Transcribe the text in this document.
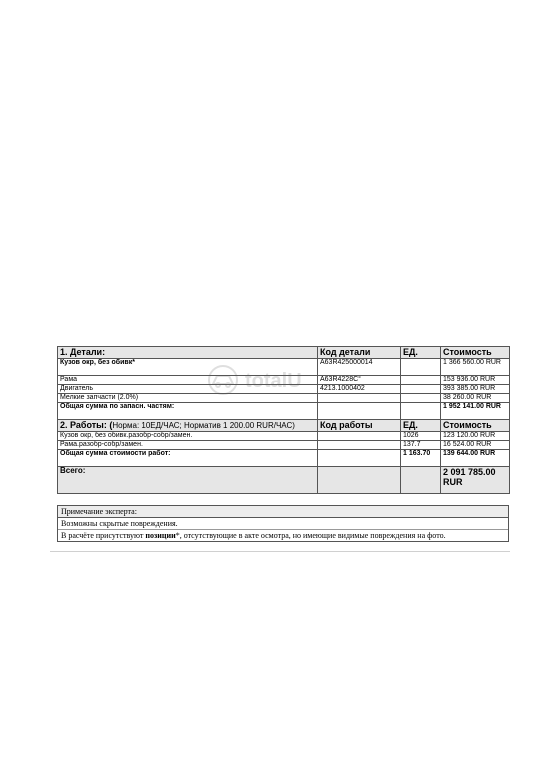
totalU
1. Детали:	Код детали	ЕД.	Стоимость
Кузов окр, без обивк*	A63R425000014		1 366 560.00 RUR
Рама	A63R4228С°		153 936.00 RUR
Двигатель	4213.1000402		393 385.00 RUR
Мелкие запчасти (2.0%)			38 260.00 RUR
Общая сумма по запасн. частям:			1 952 141.00 RUR
2. Работы: (Норма: 10ЕД/ЧАС; Норматив 1 200.00 RUR/ЧАС)	Код работы	ЕД.	Стоимость
Кузов окр, без обивк.разобр-собр/замен.		1026	123 120.00 RUR
Рама.разобр-собр/замен.		137.7	16 524.00 RUR
Общая сумма стоимости работ:		1 163.70	139 644.00 RUR
Всего:			2 091 785.00 RUR
Примечание эксперта:
Возможны скрытые повреждения.
В расчёте присутствуют позиции*, отсутствующие в акте осмотра, но имеющие видимые повреждения на фото.
